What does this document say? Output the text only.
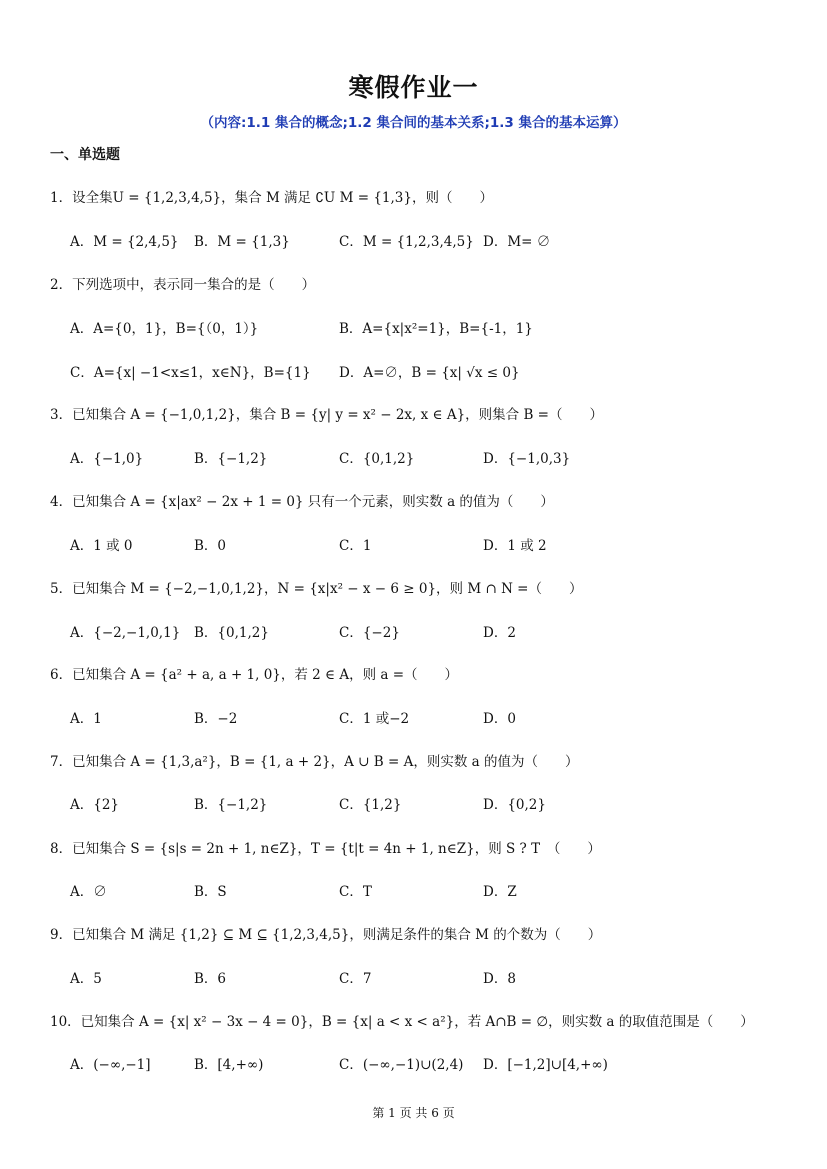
寒假作业一
（内容:1.1 集合的概念;1.2 集合间的基本关系;1.3 集合的基本运算）
一、单选题
1．设全集U = {1,2,3,4,5}，集合 M 满足 ∁U M = {1,3}，则（　　）
A．M = {2,4,5} B．M = {1,3}	C．M = {1,2,3,4,5} D．M= ∅
2．下列选项中，表示同一集合的是（　　）
A．A={0，1}，B={（0，1）}	B．A={x|x²=1}，B={-1，1}
C．A={x| −1<x≤1，x∈N}，B={1} D．A=∅，B = {x| √x ≤ 0}
3．已知集合 A = {−1,0,1,2}，集合 B = {y| y = x² − 2x, x ∈ A}，则集合 B =（　　）
A．{−1,0}	B．{−1,2}	C．{0,1,2}	D．{−1,0,3}
4．已知集合 A = {x|ax² − 2x + 1 = 0} 只有一个元素，则实数 a 的值为（　　）
A．1 或 0	B．0	C．1	D．1 或 2
5．已知集合 M = {−2,−1,0,1,2}，N = {x|x² − x − 6 ≥ 0}，则 M ∩ N =（　　）
A．{−2,−1,0,1} B．{0,1,2}	C．{−2}	D．2
6．已知集合 A = {a² + a, a + 1, 0}，若 2 ∈ A，则 a =（　　）
A．1	B．−2	C．1 或−2	D．0
7．已知集合 A = {1,3,a²}，B = {1, a + 2}，A ∪ B = A，则实数 a 的值为（　　）
A．{2}	B．{−1,2}	C．{1,2}	D．{0,2}
8．已知集合 S = {s|s = 2n + 1, n∈Z}，T = {t|t = 4n + 1, n∈Z}，则 S ? T　（　　）
A．∅	B．S	C．T	D．Z
9．已知集合 M 满足 {1,2} ⊆ M ⊆ {1,2,3,4,5}，则满足条件的集合 M 的个数为（　　）
A．5	B．6	C．7	D．8
10．已知集合 A = {x| x² − 3x − 4 = 0}，B = {x| a < x < a²}，若 A∩B = ∅，则实数 a 的取值范围是（　　）
A．(−∞,−1]	B．[4,+∞)	C．(−∞,−1)∪(2,4) D．[−1,2]∪[4,+∞)
第 1 页 共 6 页
